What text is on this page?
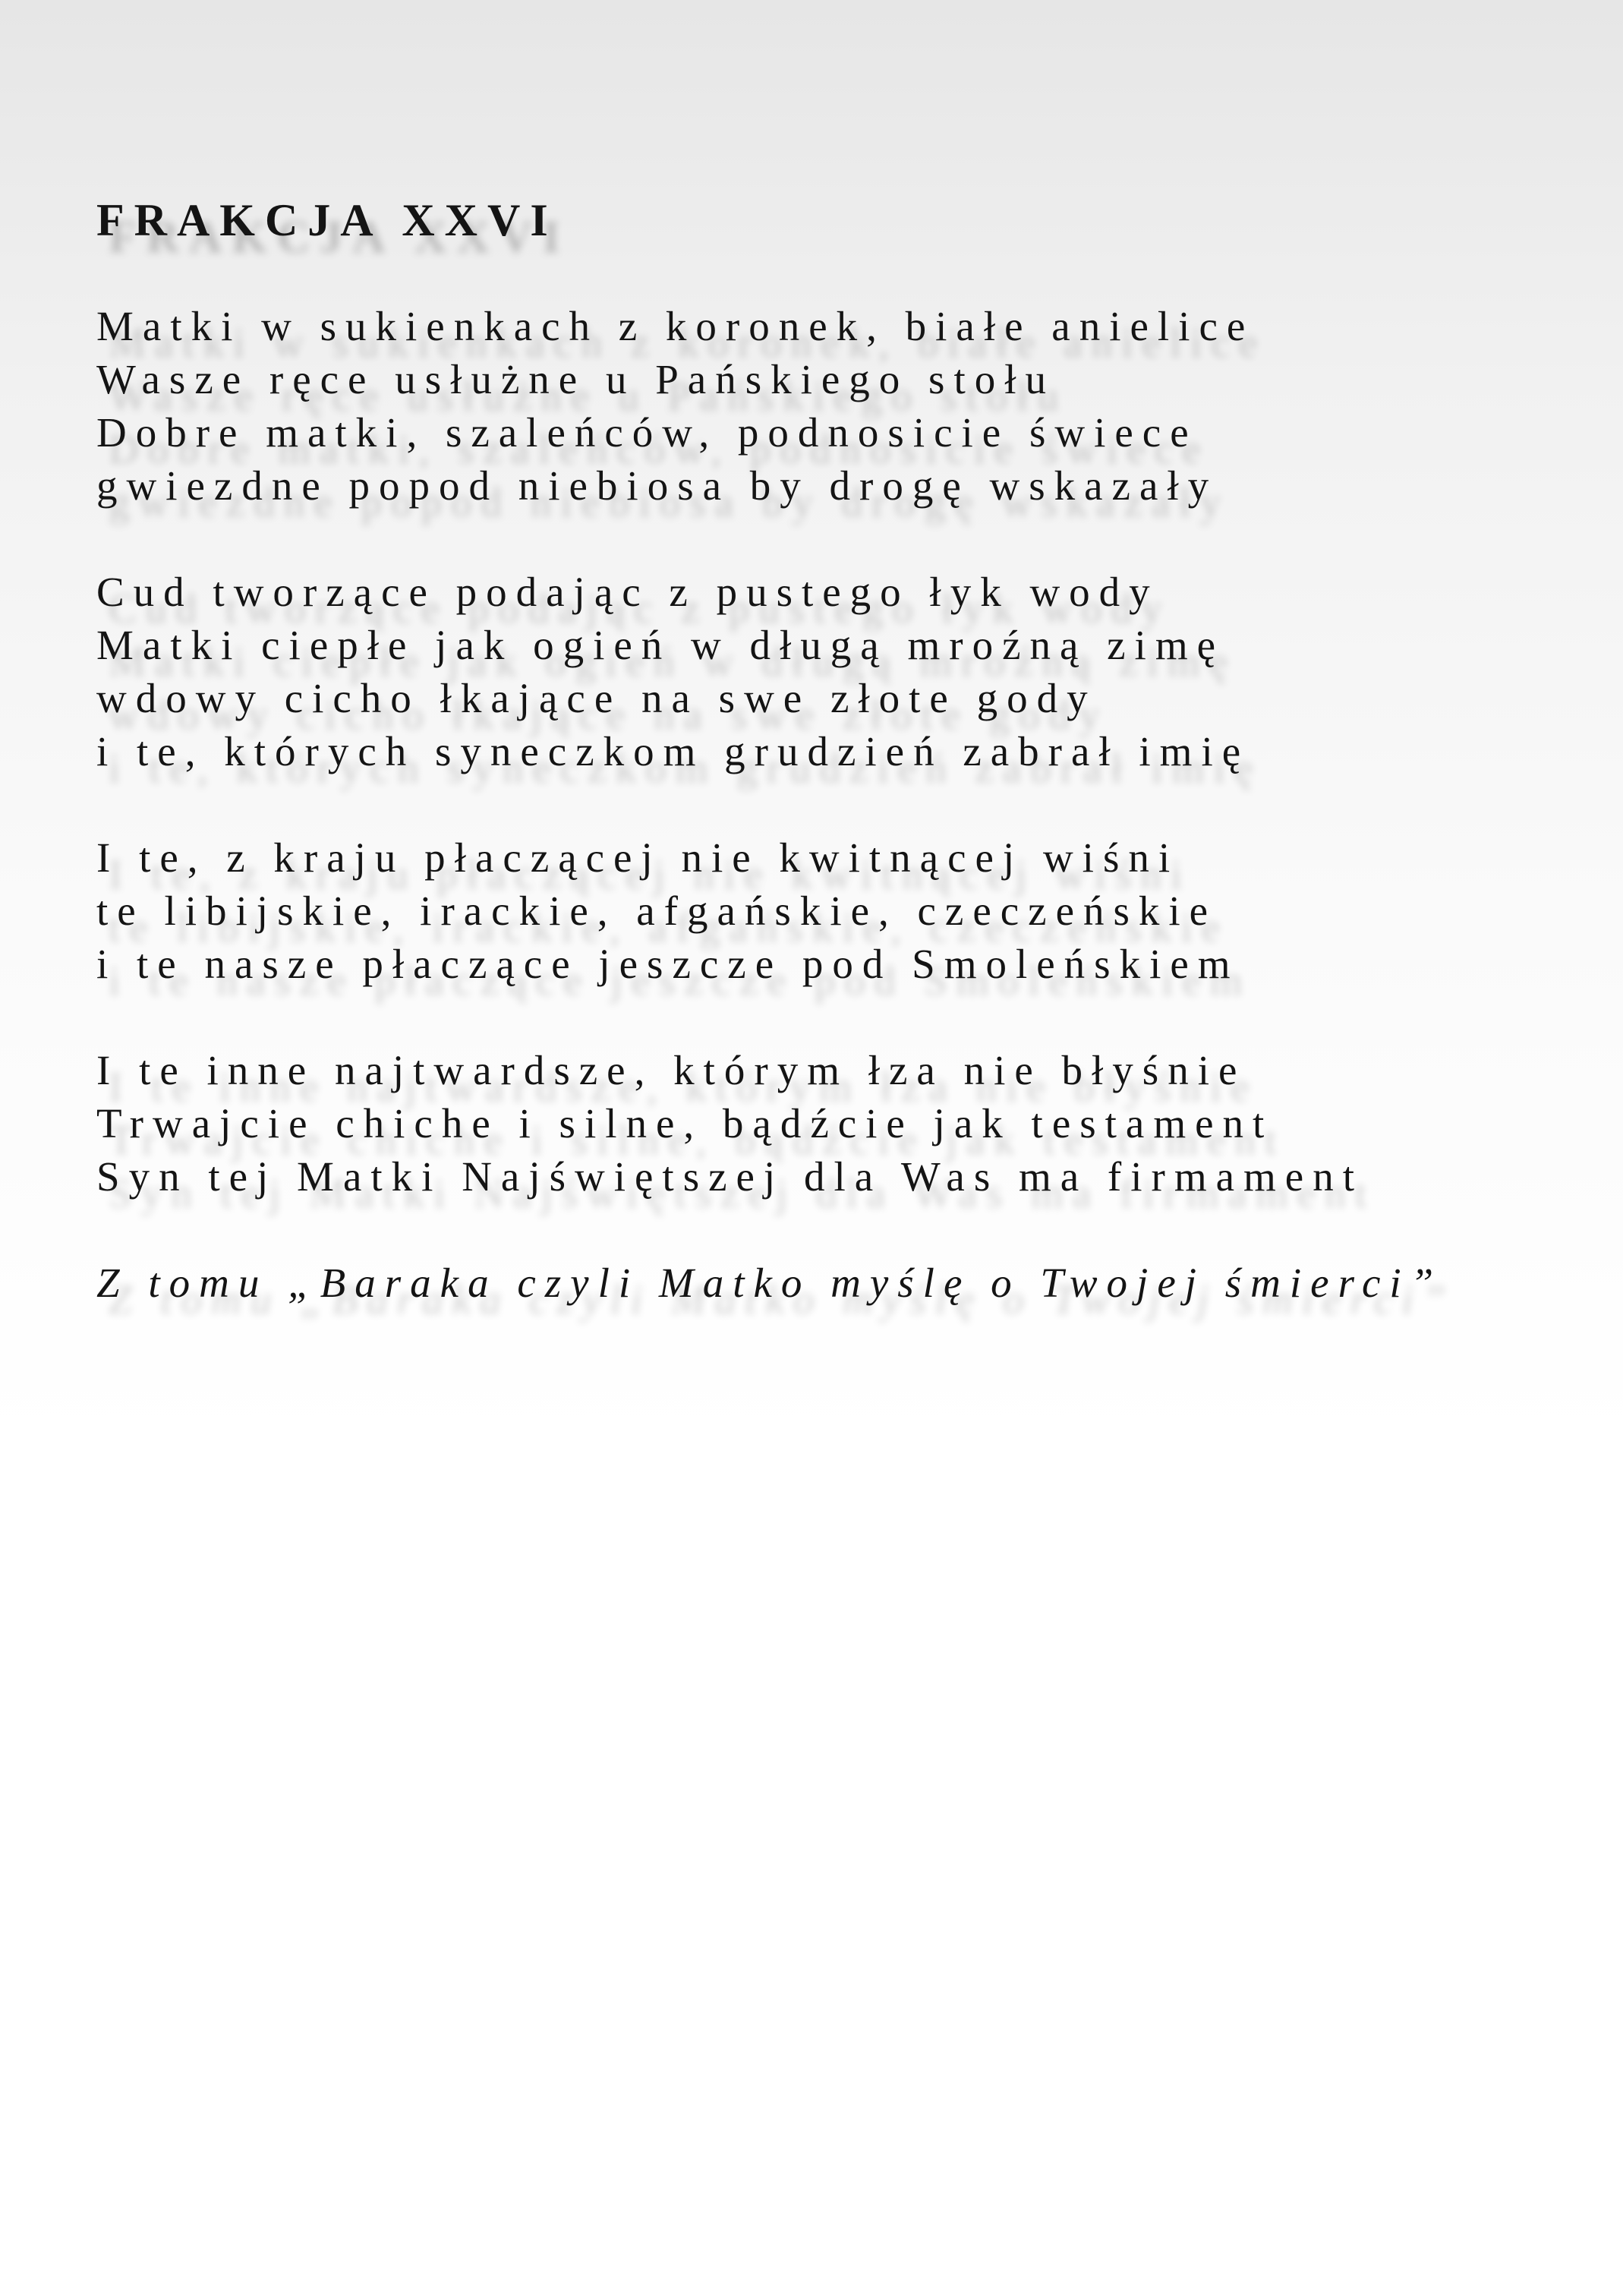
FRAKCJA XXVI
Matki w sukienkach z koronek, białe anielice
Wasze ręce usłużne u Pańskiego stołu
Dobre matki, szaleńców, podnosicie świece
gwiezdne popod niebiosa by drogę wskazały
Cud tworzące podając z pustego łyk wody
Matki ciepłe jak ogień w długą mroźną zimę
wdowy cicho łkające na swe złote gody
i te, których syneczkom grudzień zabrał imię
I te, z kraju płaczącej nie kwitnącej wiśni
te libijskie, irackie, afgańskie, czeczeńskie
i te nasze płaczące jeszcze pod Smoleńskiem
I te inne najtwardsze, którym łza nie błyśnie
Trwajcie chiche i silne, bądźcie jak testament
Syn tej Matki Najświętszej dla Was ma firmament
Z tomu „Baraka czyli Matko myślę o Twojej śmierci”
